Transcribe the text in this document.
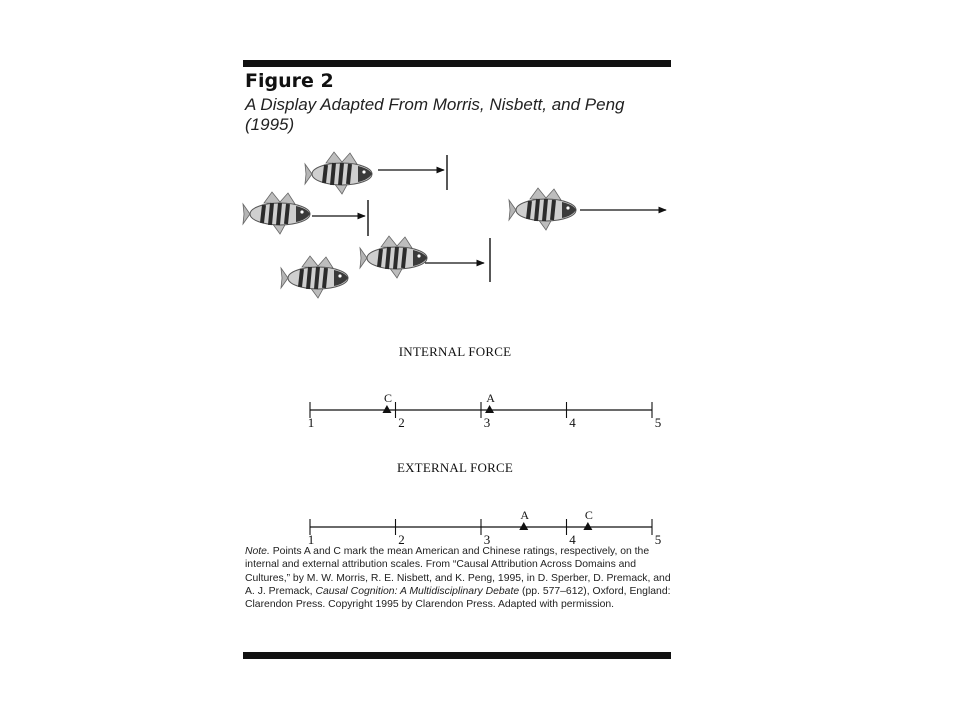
Figure 2

A Display Adapted From Morris, Nisbett, and Peng (1995)

INTERNAL FORCE
1	2	3	4	5
C	A
EXTERNAL FORCE
1	2	3	4	5
A	C

Note. Points A and C mark the mean American and Chinese ratings, respectively, on the internal and external attribution scales. From “Causal Attribution Across Domains and Cultures,” by M. W. Morris, R. E. Nisbett, and K. Peng, 1995, in D. Sperber, D. Premack, and A. J. Premack, Causal Cognition: A Multidisciplinary Debate (pp. 577–612), Oxford, England: Clarendon Press. Copyright 1995 by Clarendon Press. Adapted with permission.
